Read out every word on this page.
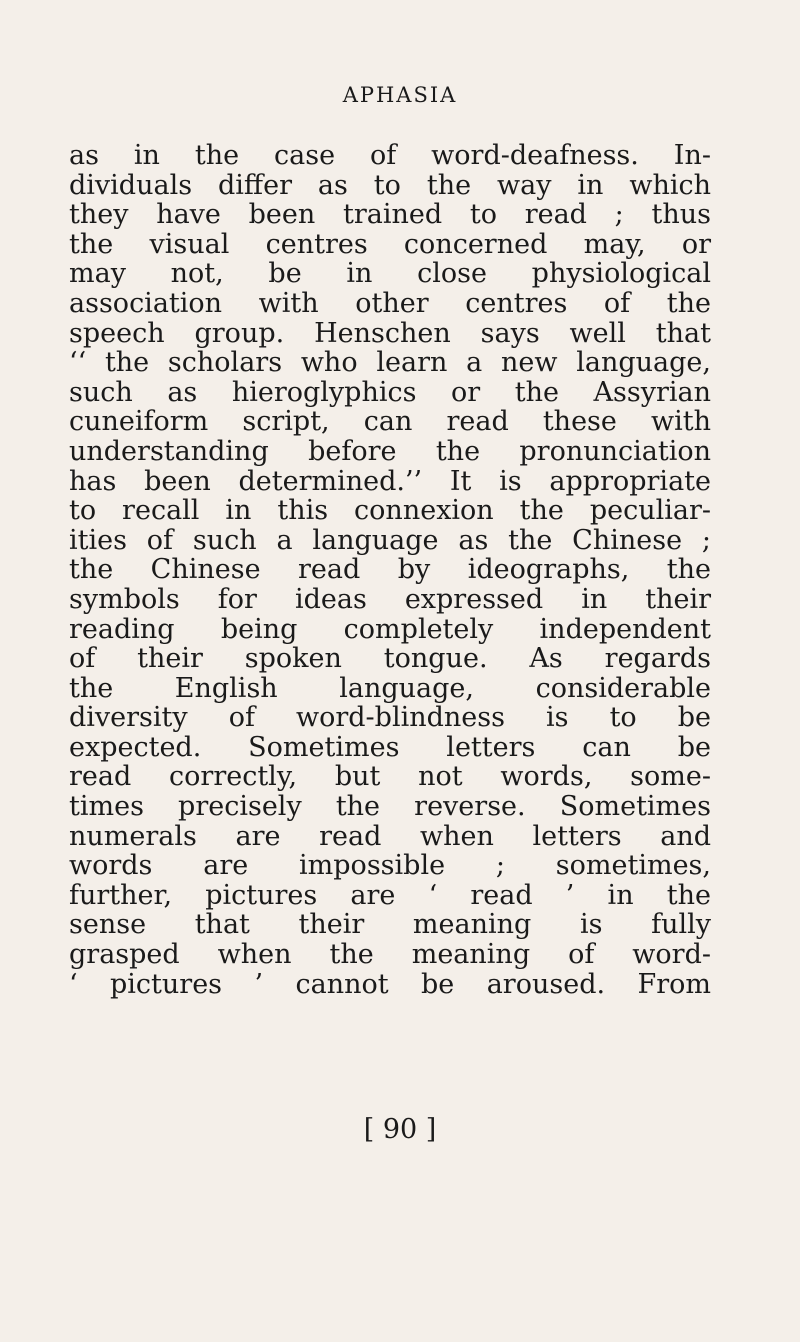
APHASIA
as in the case of word-deafness. In-
dividuals differ as to the way in which
they have been trained to read ; thus
the visual centres concerned may, or
may not, be in close physiological
association with other centres of the
speech group. Henschen says well that
‘‘ the scholars who learn a new language,
such as hieroglyphics or the Assyrian
cuneiform script, can read these with
understanding before the pronunciation
has been determined.’’ It is appropriate
to recall in this connexion the peculiar-
ities of such a language as the Chinese ;
the Chinese read by ideographs, the
symbols for ideas expressed in their
reading being completely independent
of their spoken tongue. As regards
the English language, considerable
diversity of word-blindness is to be
expected. Sometimes letters can be
read correctly, but not words, some-
times precisely the reverse. Sometimes
numerals are read when letters and
words are impossible ; sometimes,
further, pictures are ‘ read ’ in the
sense that their meaning is fully
grasped when the meaning of word-
‘ pictures ’ cannot be aroused. From
[ 90 ]
